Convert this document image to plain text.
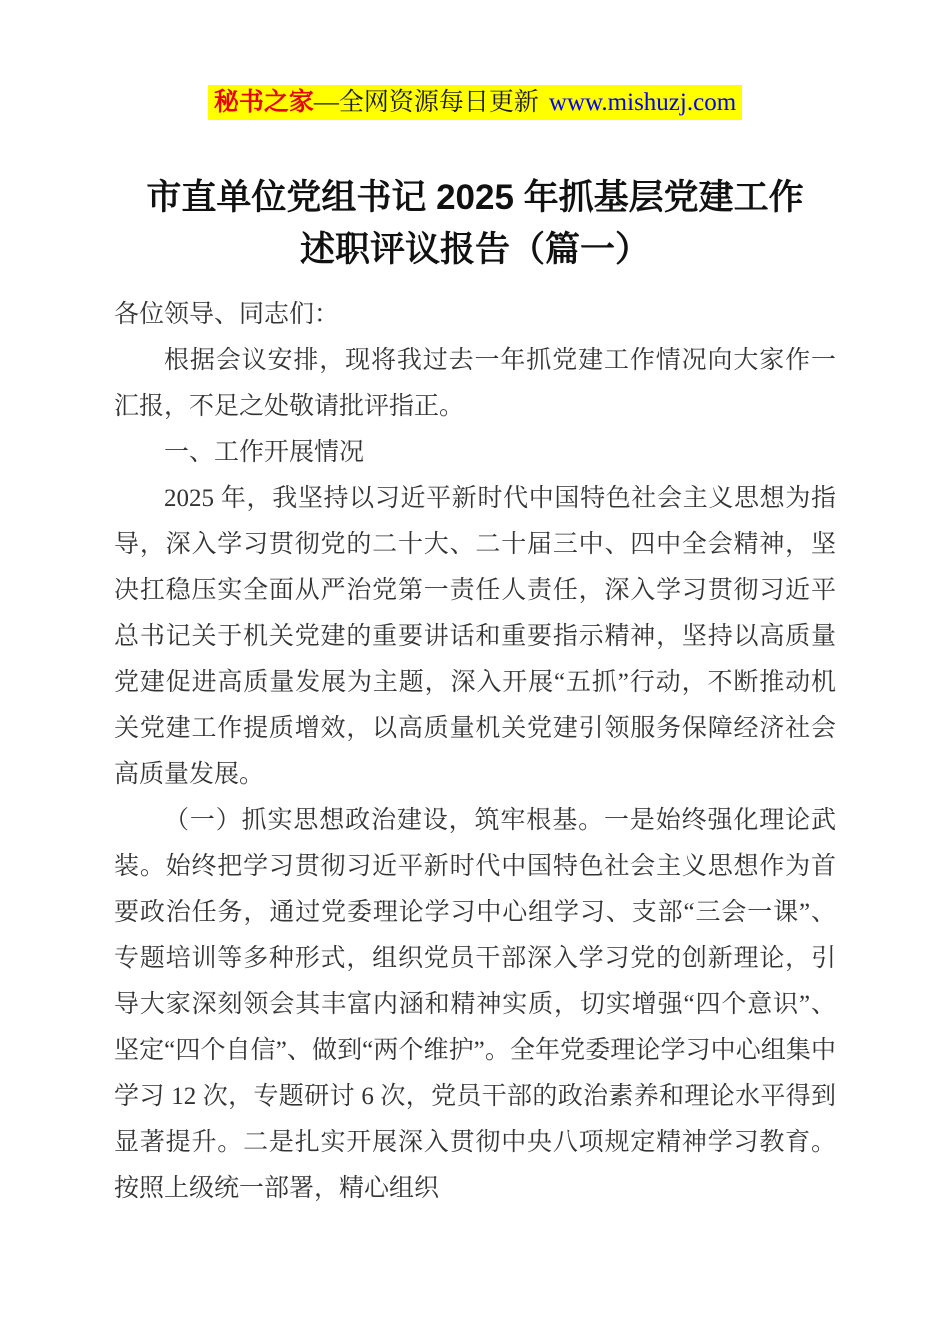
秘书之家—全网资源每日更新 www.mishuzj.com
市直单位党组书记 2025 年抓基层党建工作
述职评议报告（篇一）

各位领导、同志们：

根据会议安排，现将我过去一年抓党建工作情况向大家作一汇报，不足之处敬请批评指正。

一、工作开展情况

2025 年，我坚持以习近平新时代中国特色社会主义思想为指导，深入学习贯彻党的二十大、二十届三中、四中全会精神，坚决扛稳压实全面从严治党第一责任人责任，深入学习贯彻习近平总书记关于机关党建的重要讲话和重要指示精神，坚持以高质量党建促进高质量发展为主题，深入开展“五抓”行动，不断推动机关党建工作提质增效，以高质量机关党建引领服务保障经济社会高质量发展。

（一）抓实思想政治建设，筑牢根基。一是始终强化理论武装。始终把学习贯彻习近平新时代中国特色社会主义思想作为首要政治任务，通过党委理论学习中心组学习、支部“三会一课”、专题培训等多种形式，组织党员干部深入学习党的创新理论，引导大家深刻领会其丰富内涵和精神实质，切实增强“四个意识”、坚定“四个自信”、做到“两个维护”。全年党委理论学习中心组集中学习 12 次，专题研讨 6 次，党员干部的政治素养和理论水平得到显著提升。二是扎实开展深入贯彻中央八项规定精神学习教育。按照上级统一部署，精心组织
